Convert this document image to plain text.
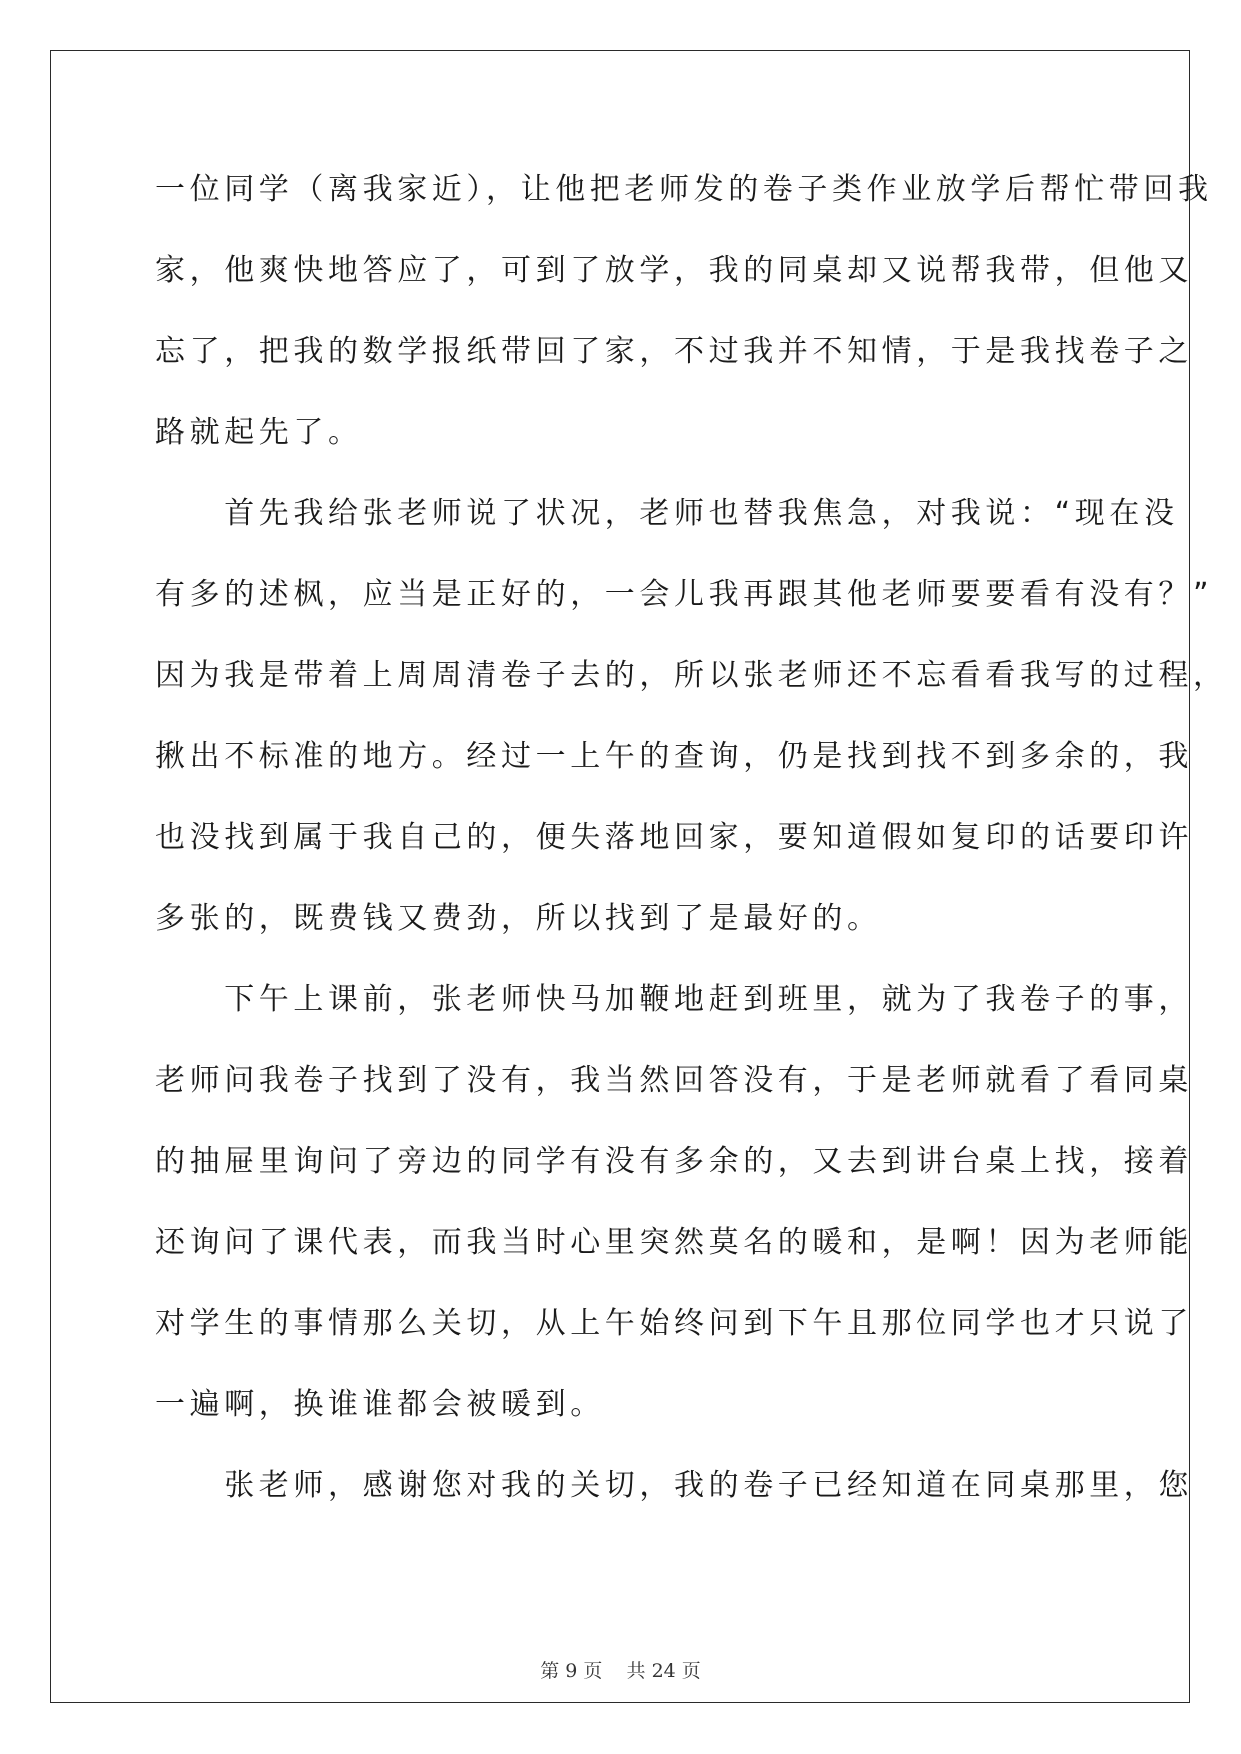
一位同学（离我家近），让他把老师发的卷子类作业放学后帮忙带回我
家，他爽快地答应了，可到了放学，我的同桌却又说帮我带，但他又
忘了，把我的数学报纸带回了家，不过我并不知情，于是我找卷子之
路就起先了。
　　首先我给张老师说了状况，老师也替我焦急，对我说：“现在没
有多的述枫，应当是正好的，一会儿我再跟其他老师要要看有没有？”
因为我是带着上周周清卷子去的，所以张老师还不忘看看我写的过程，
揪出不标准的地方。经过一上午的查询，仍是找到找不到多余的，我
也没找到属于我自己的，便失落地回家，要知道假如复印的话要印许
多张的，既费钱又费劲，所以找到了是最好的。
　　下午上课前，张老师快马加鞭地赶到班里，就为了我卷子的事，
老师问我卷子找到了没有，我当然回答没有，于是老师就看了看同桌
的抽屉里询问了旁边的同学有没有多余的，又去到讲台桌上找，接着
还询问了课代表，而我当时心里突然莫名的暖和，是啊！因为老师能
对学生的事情那么关切，从上午始终问到下午且那位同学也才只说了
一遍啊，换谁谁都会被暖到。
　　张老师，感谢您对我的关切，我的卷子已经知道在同桌那里，您
第 9 页    共 24 页
